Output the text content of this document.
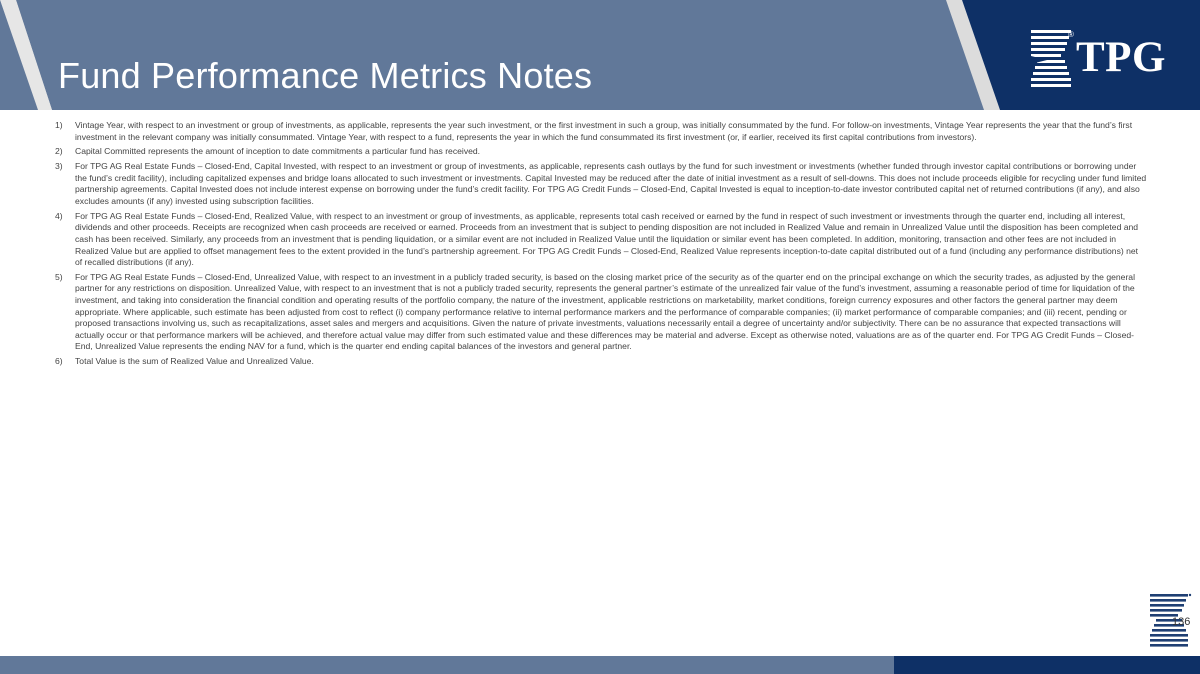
Fund Performance Metrics Notes
® TPG
1) Vintage Year, with respect to an investment or group of investments, as applicable, represents the year such investment, or the first investment in such a group, was initially consummated by the fund. For follow-on investments, Vintage Year represents the year that the fund’s first investment in the relevant company was initially consummated. Vintage Year, with respect to a fund, represents the year in which the fund consummated its first investment (or, if earlier, received its first capital contributions from investors).
2) Capital Committed represents the amount of inception to date commitments a particular fund has received.
3) For TPG AG Real Estate Funds – Closed-End, Capital Invested, with respect to an investment or group of investments, as applicable, represents cash outlays by the fund for such investment or investments (whether funded through investor capital contributions or borrowing under the fund’s credit facility), including capitalized expenses and bridge loans allocated to such investment or investments. Capital Invested may be reduced after the date of initial investment as a result of sell-downs. This does not include proceeds eligible for recycling under fund limited partnership agreements. Capital Invested does not include interest expense on borrowing under the fund’s credit facility. For TPG AG Credit Funds – Closed-End, Capital Invested is equal to inception-to-date investor contributed capital net of returned contributions (if any), and also excludes amounts (if any) invested using subscription facilities.
4) For TPG AG Real Estate Funds – Closed-End, Realized Value, with respect to an investment or group of investments, as applicable, represents total cash received or earned by the fund in respect of such investment or investments through the quarter end, including all interest, dividends and other proceeds. Receipts are recognized when cash proceeds are received or earned. Proceeds from an investment that is subject to pending disposition are not included in Realized Value and remain in Unrealized Value until the disposition has been completed and cash has been received. Similarly, any proceeds from an investment that is pending liquidation, or a similar event are not included in Realized Value until the liquidation or similar event has been completed. In addition, monitoring, transaction and other fees are not included in Realized Value but are applied to offset management fees to the extent provided in the fund’s partnership agreement. For TPG AG Credit Funds – Closed-End, Realized Value represents inception-to-date capital distributed out of a fund (including any performance distributions) net of recalled distributions (if any).
5) For TPG AG Real Estate Funds – Closed-End, Unrealized Value, with respect to an investment in a publicly traded security, is based on the closing market price of the security as of the quarter end on the principal exchange on which the security trades, as adjusted by the general partner for any restrictions on disposition. Unrealized Value, with respect to an investment that is not a publicly traded security, represents the general partner’s estimate of the unrealized fair value of the fund’s investment, assuming a reasonable period of time for liquidation of the investment, and taking into consideration the financial condition and operating results of the portfolio company, the nature of the investment, applicable restrictions on marketability, market conditions, foreign currency exposures and other factors the general partner may deem appropriate. Where applicable, such estimate has been adjusted from cost to reflect (i) company performance relative to internal performance markers and the performance of comparable companies; (ii) market performance of comparable companies; and (iii) recent, pending or proposed transactions involving us, such as recapitalizations, asset sales and mergers and acquisitions. Given the nature of private investments, valuations necessarily entail a degree of uncertainty and/or subjectivity. There can be no assurance that expected transactions will actually occur or that performance markers will be achieved, and therefore actual value may differ from such estimated value and these differences may be material and adverse. Except as otherwise noted, valuations are as of the quarter end. For TPG AG Credit Funds – Closed-End, Unrealized Value represents the ending NAV for a fund, which is the quarter end ending capital balances of the investors and general partner.
6) Total Value is the sum of Realized Value and Unrealized Value.
136
